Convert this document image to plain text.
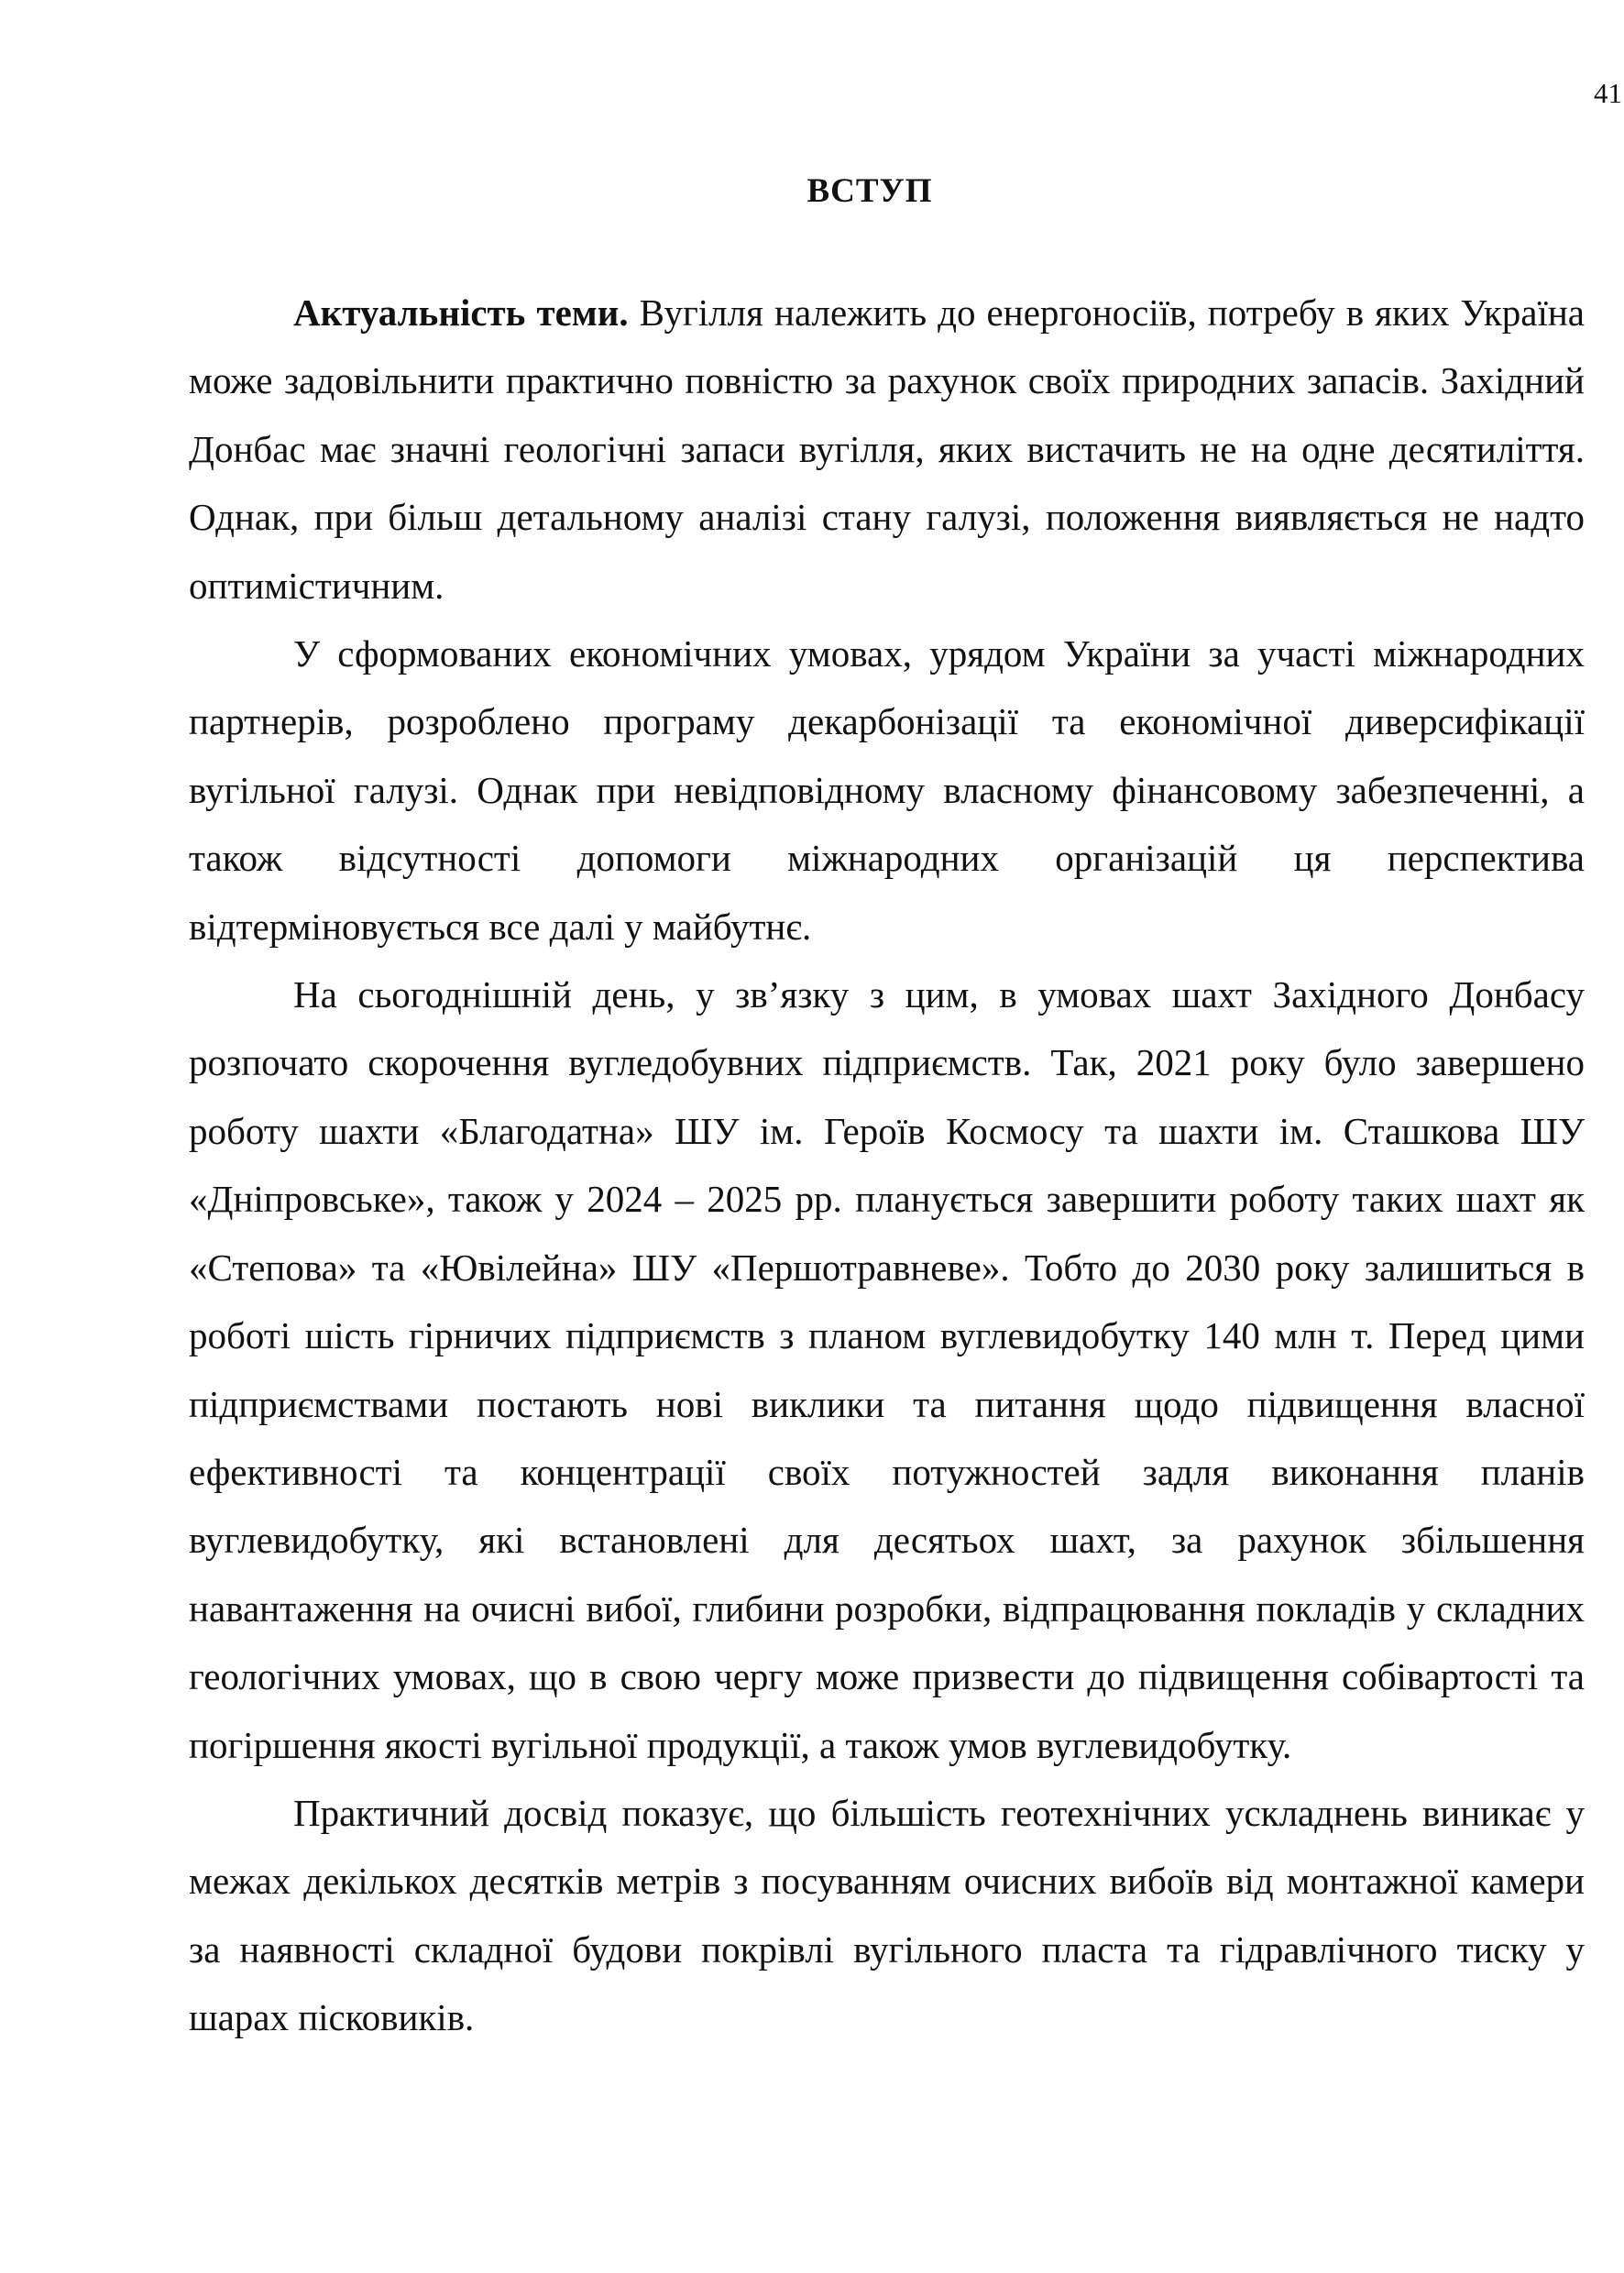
41
ВСТУП

Актуальність теми. Вугілля належить до енергоносіїв, потребу в яких Україна може задовільнити практично повністю за рахунок своїх природних запасів. Західний Донбас має значні геологічні запаси вугілля, яких вистачить не на одне десятиліття. Однак, при більш детальному аналізі стану галузі, положення виявляється не надто оптимістичним.

У сформованих економічних умовах, урядом України за участі міжнародних партнерів, розроблено програму декарбонізації та економічної диверсифікації вугільної галузі. Однак при невідповідному власному фінансовому забезпеченні, а також відсутності допомоги міжнародних організацій ця перспектива відтерміновується все далі у майбутнє.

На сьогоднішній день, у зв’язку з цим, в умовах шахт Західного Донбасу розпочато скорочення вугледобувних підприємств. Так, 2021 року було завершено роботу шахти «Благодатна» ШУ ім. Героїв Космосу та шахти ім. Сташкова ШУ «Дніпровське», також у 2024 – 2025 рр. планується завершити роботу таких шахт як «Степова» та «Ювілейна» ШУ «Першотравневе». Тобто до 2030 року залишиться в роботі шість гірничих підприємств з планом вуглевидобутку 140 млн т. Перед цими підприємствами постають нові виклики та питання щодо підвищення власної ефективності та концентрації своїх потужностей задля виконання планів вуглевидобутку, які встановлені для десятьох шахт, за рахунок збільшення навантаження на очисні вибої, глибини розробки, відпрацювання покладів у складних геологічних умовах, що в свою чергу може призвести до підвищення собівартості та погіршення якості вугільної продукції, а також умов вуглевидобутку.

Практичний досвід показує, що більшість геотехнічних ускладнень виникає у межах декількох десятків метрів з посуванням очисних вибоїв від монтажної камери за наявності складної будови покрівлі вугільного пласта та гідравлічного тиску у шарах пісковиків.
